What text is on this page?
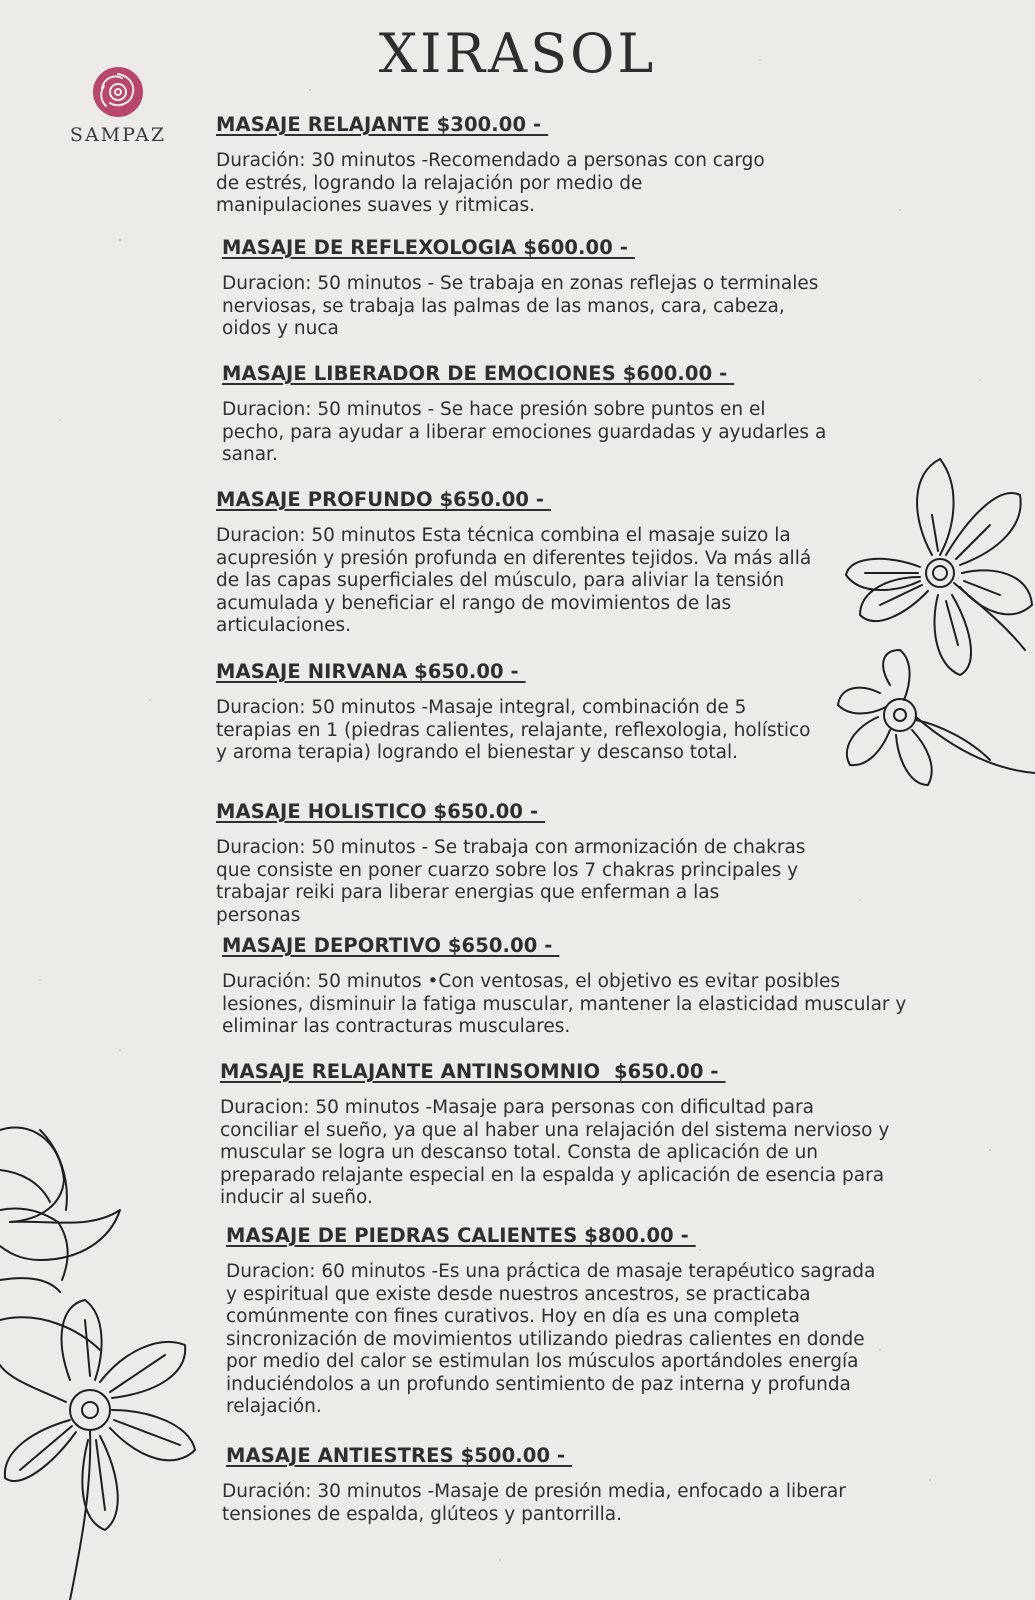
XIRASOL
SAMPAZ	MASAJE RELAJANTE $300.00 -

Duración: 30 minutos -Recomendado a personas con cargo de estrés, logrando la relajación por medio de manipulaciones suaves y ritmicas.

MASAJE DE REFLEXOLOGIA $600.00 -

Duracion: 50 minutos - Se trabaja en zonas reflejas o terminales nerviosas, se trabaja las palmas de las manos, cara, cabeza, oidos y nuca

MASAJE LIBERADOR DE EMOCIONES $600.00 -

Duracion: 50 minutos - Se hace presión sobre puntos en el pecho, para ayudar a liberar emociones guardadas y ayudarles a sanar.

MASAJE PROFUNDO $650.00 -

Duracion: 50 minutos Esta técnica combina el masaje suizo la acupresión y presión profunda en diferentes tejidos. Va más allá de las capas superficiales del músculo, para aliviar la tensión acumulada y beneficiar el rango de movimientos de las articulaciones.

MASAJE NIRVANA $650.00 -

Duracion: 50 minutos -Masaje integral, combinación de 5 terapias en 1 (piedras calientes, relajante, reflexologia, holístico y aroma terapia) logrando el bienestar y descanso total.

MASAJE HOLISTICO $650.00 -

Duracion: 50 minutos - Se trabaja con armonización de chakras que consiste en poner cuarzo sobre los 7 chakras principales y trabajar reiki para liberar energias que enferman a las personas

MASAJE DEPORTIVO $650.00 -

Duración: 50 minutos •Con ventosas, el objetivo es evitar posibles lesiones, disminuir la fatiga muscular, mantener la elasticidad muscular y eliminar las contracturas musculares.

MASAJE RELAJANTE ANTINSOMNIO  $650.00 -

Duracion: 50 minutos -Masaje para personas con dificultad para conciliar el sueño, ya que al haber una relajación del sistema nervioso y muscular se logra un descanso total. Consta de aplicación de un preparado relajante especial en la espalda y aplicación de esencia para inducir al sueño.

MASAJE DE PIEDRAS CALIENTES $800.00 -

Duracion: 60 minutos -Es una práctica de masaje terapéutico sagrada y espiritual que existe desde nuestros ancestros, se practicaba comúnmente con fines curativos. Hoy en día es una completa sincronización de movimientos utilizando piedras calientes en donde por medio del calor se estimulan los músculos aportándoles energía induciéndolos a un profundo sentimiento de paz interna y profunda relajación.

MASAJE ANTIESTRES $500.00 -

Duración: 30 minutos -Masaje de presión media, enfocado a liberar tensiones de espalda, glúteos y pantorrilla.
